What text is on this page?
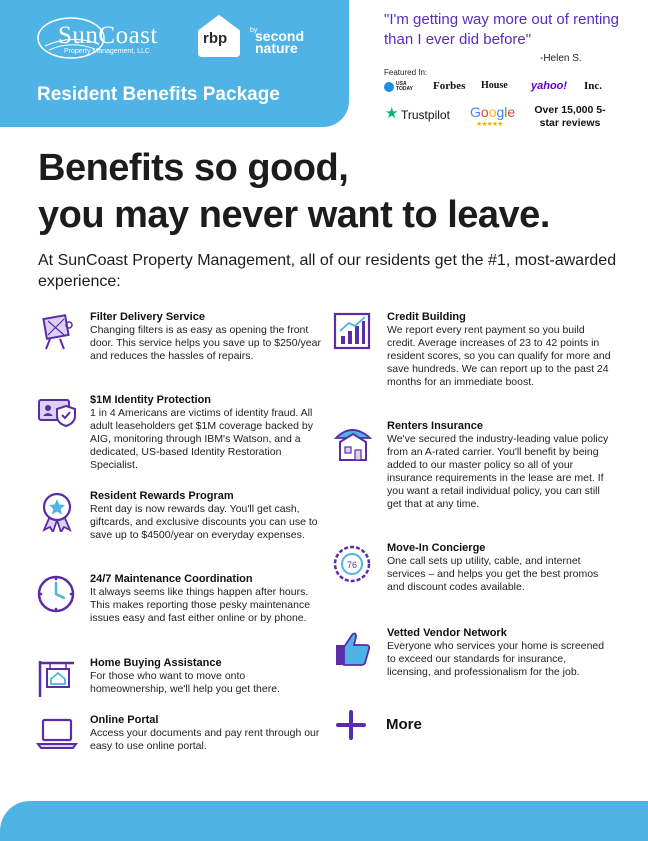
SunCoast
Property Management, LLC
rbp	by
second nature
Resident Benefits Package
"I'm getting way more out of renting than I ever did before"
-Helen S.
Featured In:
USA TODAY	Forbes House yahoo! Inc.
★ Trustpilot Google
★★★★★
Over 15,000 5-star reviews
Benefits so good,
you may never want to leave.
At SunCoast Property Management, all of our residents get the #1, most-awarded experience:
Filter Delivery Service
Changing filters is as easy as opening the front door. This service helps you save up to $250/year and reduces the hassles of repairs.
$1M Identity Protection
1 in 4 Americans are victims of identity fraud. All adult leaseholders get $1M coverage backed by AIG, monitoring through IBM's Watson, and a dedicated, US-based Identity Restoration Specialist.
Resident Rewards Program
Rent day is now rewards day. You'll get cash, giftcards, and exclusive discounts you can use to save up to $4500/year on everyday expenses.
24/7 Maintenance Coordination
It always seems like things happen after hours. This makes reporting those pesky maintenance issues easy and fast either online or by phone.
Home Buying Assistance
For those who want to move onto homeownership, we'll help you get there.
Online Portal
Access your documents and pay rent through our easy to use online portal.
Credit Building
We report every rent payment so you build credit. Average increases of 23 to 42 points in resident scores, so you can qualify for more and save hundreds. We can report up to the past 24 months for an immediate boost.
Renters Insurance
We've secured the industry-leading value policy from an A-rated carrier. You'll benefit by being added to our master policy so all of your insurance requirements in the lease are met. If you want a retail individual policy, you can still get that at any time.
76
Move-In Concierge
One call sets up utility, cable, and internet services – and helps you get the best promos and discount codes available.
Vetted Vendor Network
Everyone who services your home is screened to exceed our standards for insurance, licensing, and professionalism for the job.
More
